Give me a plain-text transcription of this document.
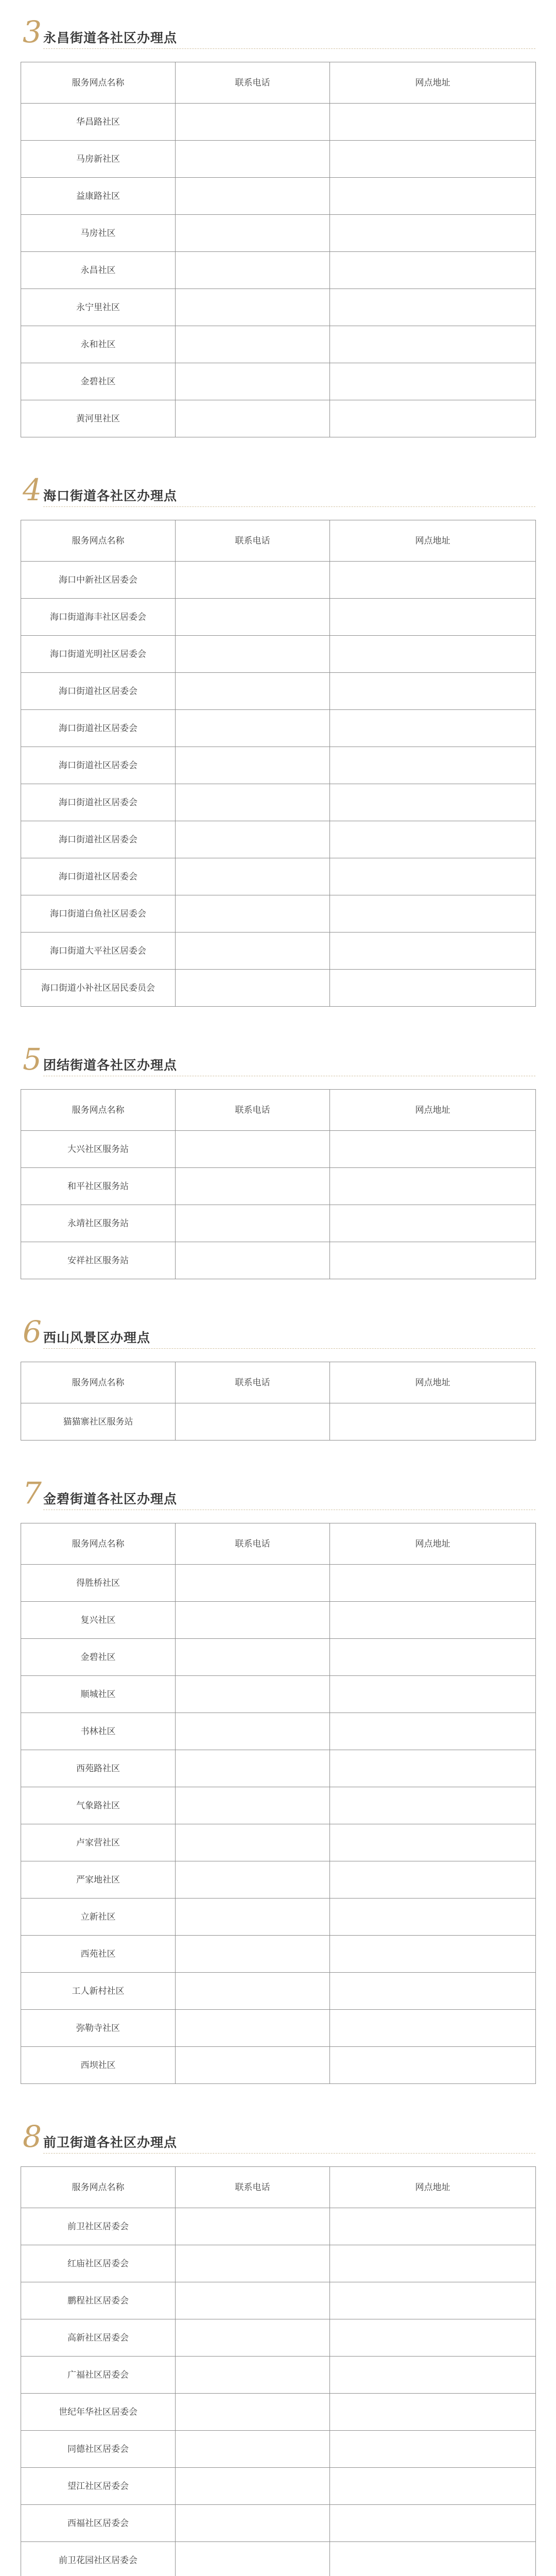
3 永昌街道各社区办理点
服务网点名称	联系电话	网点地址
华昌路社区		
马房新社区		
益康路社区		
马房社区		
永昌社区		
永宁里社区		
永和社区		
金碧社区		
黄河里社区		
4 海口街道各社区办理点
服务网点名称	联系电话	网点地址
海口中新社区居委会		
海口街道海丰社区居委会		
海口街道光明社区居委会		
海口街道社区居委会		
海口街道社区居委会		
海口街道社区居委会		
海口街道社区居委会		
海口街道社区居委会		
海口街道社区居委会		
海口街道白鱼社区居委会		
海口街道大平社区居委会		
海口街道小补社区居民委员会		
5 团结街道各社区办理点
服务网点名称	联系电话	网点地址
大兴社区服务站		
和平社区服务站		
永靖社区服务站		
安祥社区服务站		
6 西山风景区办理点
服务网点名称	联系电话	网点地址
猫猫寨社区服务站		
7 金碧街道各社区办理点
服务网点名称	联系电话	网点地址
得胜桥社区		
复兴社区		
金碧社区		
顺城社区		
书林社区		
西苑路社区		
气象路社区		
卢家营社区		
严家地社区		
立新社区		
西苑社区		
工人新村社区		
弥勒寺社区		
西坝社区		
8 前卫街道各社区办理点
服务网点名称	联系电话	网点地址
前卫社区居委会		
红庙社区居委会		
鹏程社区居委会		
高新社区居委会		
广福社区居委会		
世纪年华社区居委会		
同德社区居委会		
望江社区居委会		
西福社区居委会		
前卫花园社区居委会		
